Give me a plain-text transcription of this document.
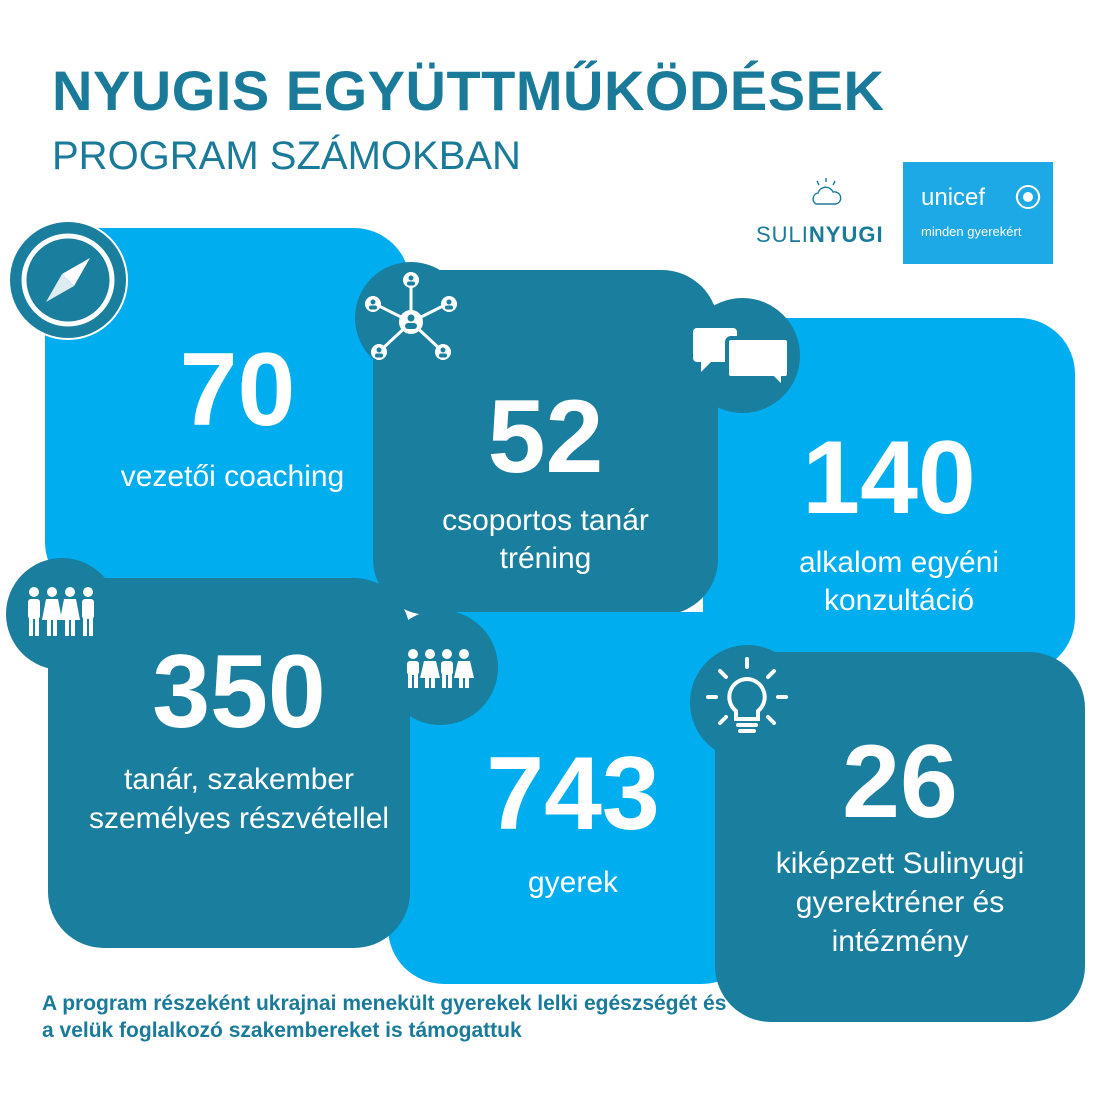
NYUGIS EGYÜTTMŰKÖDÉSEK
PROGRAM SZÁMOKBAN
SULINYUGI
unicef
minden gyerekért
70
vezetői coaching	140
alkalom egyéni konzultáció
52
csoportos tanár tréning
743
gyerek
350
tanár, szakember személyes részvétellel	26
kiképzett Sulinyugi gyerektréner és intézmény

A program részeként ukrajnai menekült gyerekek lelki egészségét és a velük foglalkozó szakembereket is támogattuk
